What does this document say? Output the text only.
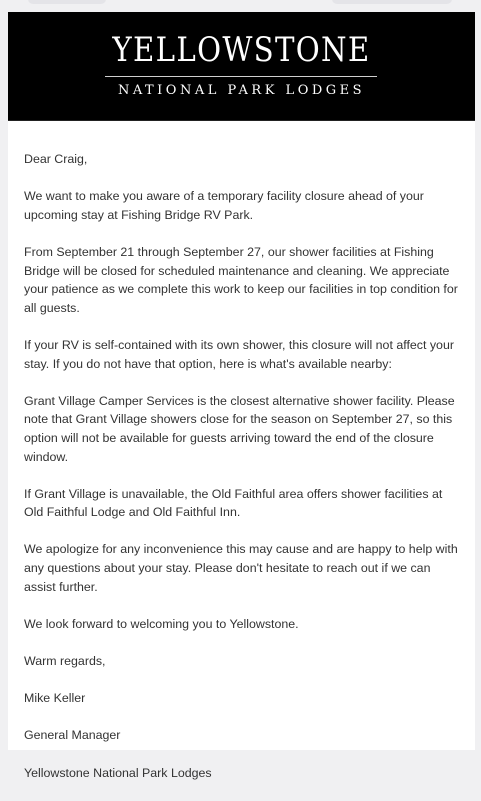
YELLOWSTONE
NATIONAL PARK LODGES

Dear Craig,

We want to make you aware of a temporary facility closure ahead of your upcoming stay at Fishing Bridge RV Park.

From September 21 through September 27, our shower facilities at Fishing Bridge will be closed for scheduled maintenance and cleaning. We appreciate your patience as we complete this work to keep our facilities in top condition for all guests.

If your RV is self-contained with its own shower, this closure will not affect your stay. If you do not have that option, here is what's available nearby:

Grant Village Camper Services is the closest alternative shower facility. Please note that Grant Village showers close for the season on September 27, so this option will not be available for guests arriving toward the end of the closure window.

If Grant Village is unavailable, the Old Faithful area offers shower facilities at Old Faithful Lodge and Old Faithful Inn.

We apologize for any inconvenience this may cause and are happy to help with any questions about your stay. Please don't hesitate to reach out if we can assist further.

We look forward to welcoming you to Yellowstone.

Warm regards,

Mike Keller

General Manager

Yellowstone National Park Lodges
